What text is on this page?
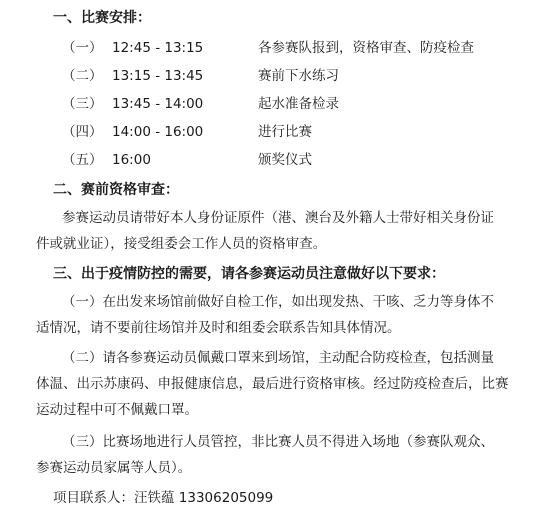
一、比赛安排：
（一） 12:45 - 13:15	各参赛队报到，资格审查、防疫检查
（二） 13:15 - 13:45	赛前下水练习
（三） 13:45 - 14:00	起水准备检录
（四） 14:00 - 16:00	进行比赛
（五） 16:00	颁奖仪式
二、赛前资格审查：
参赛运动员请带好本人身份证原件（港、澳台及外籍人士带好相关身份证
件或就业证），接受组委会工作人员的资格审查。
三、出于疫情防控的需要，请各参赛运动员注意做好以下要求：
（一）在出发来场馆前做好自检工作，如出现发热、干咳、乏力等身体不
适情况，请不要前往场馆并及时和组委会联系告知具体情况。
（二）请各参赛运动员佩戴口罩来到场馆，主动配合防疫检查，包括测量
体温、出示苏康码、申报健康信息，最后进行资格审核。经过防疫检查后，比赛
运动过程中可不佩戴口罩。
（三）比赛场地进行人员管控，非比赛人员不得进入场地（参赛队观众、
参赛运动员家属等人员）。
项目联系人：汪铁蕴 13306205099
